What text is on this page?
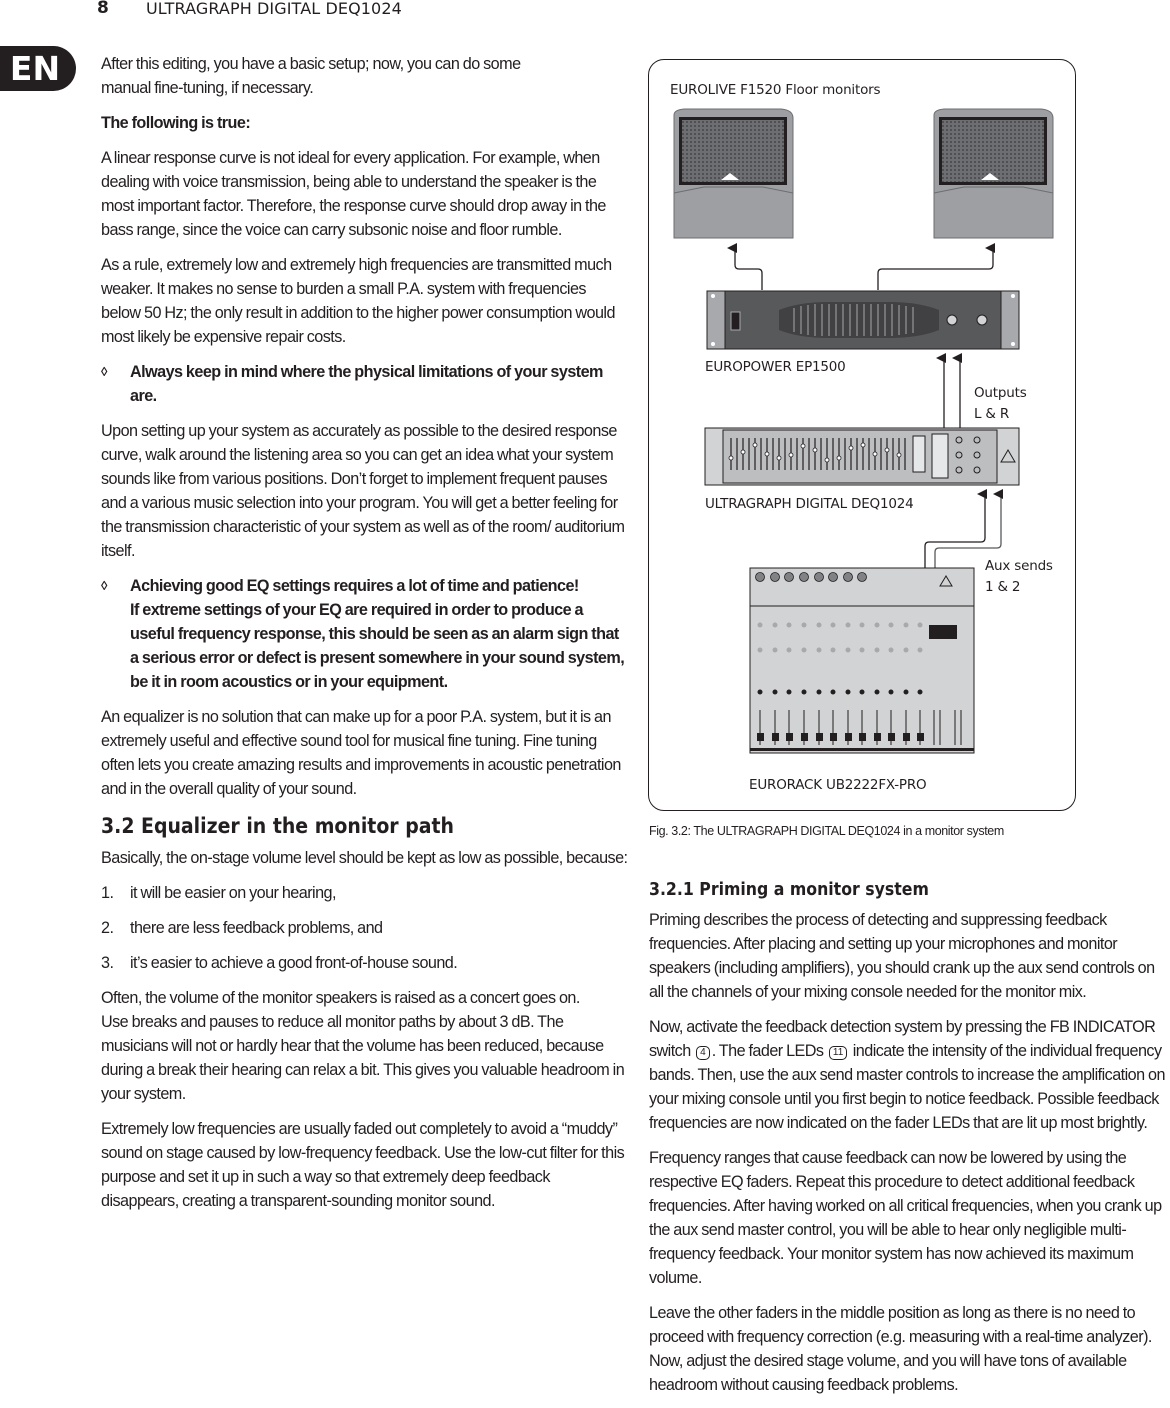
8 ULTRAGRAPH DIGITAL DEQ1024
EN	After this editing, you have a basic setup; now, you can do some manual fine-tuning, if necessary.

The following is true:

A linear response curve is not ideal for every application. For example, when dealing with voice transmission, being able to understand the speaker is the most important factor. Therefore, the response curve should drop away in the bass range, since the voice can carry subsonic noise and floor rumble.

As a rule, extremely low and extremely high frequencies are transmitted much weaker. It makes no sense to burden a small P.A. system with frequencies below 50 Hz; the only result in addition to the higher power consumption would most likely be expensive repair costs.

◊	Always keep in mind where the physical limitations of your system are.

Upon setting up your system as accurately as possible to the desired response curve, walk around the listening area so you can get an idea what your system sounds like from various positions. Don’t forget to implement frequent pauses and a various music selection into your program. You will get a better feeling for the transmission characteristic of your system as well as of the room/ auditorium itself.

◊	Achieving good EQ settings requires a lot of time and patience!
If extreme settings of your EQ are required in order to produce a useful frequency response, this should be seen as an alarm sign that a serious error or defect is present somewhere in your sound system, be it in room acoustics or in your equipment.

An equalizer is no solution that can make up for a poor P.A. system, but it is an extremely useful and effective sound tool for musical fine tuning. Fine tuning often lets you create amazing results and improvements in acoustic penetration and in the overall quality of your sound.

3.2 Equalizer in the monitor path

Basically, the on-stage volume level should be kept as low as possible, because:

1.	it will be easier on your hearing,
2.	there are less feedback problems, and
3.	it’s easier to achieve a good front-of-house sound.

Often, the volume of the monitor speakers is raised as a concert goes on.
Use breaks and pauses to reduce all monitor paths by about 3 dB. The musicians will not or hardly hear that the volume has been reduced, because during a break their hearing can relax a bit. This gives you valuable headroom in your system.

Extremely low frequencies are usually faded out completely to avoid a “muddy” sound on stage caused by low-frequency feedback. Use the low-cut filter for this purpose and set it up in such a way so that extremely deep feedback disappears, creating a transparent-sounding monitor sound.

EUROLIVE F1520 Floor monitors
EUROPOWER EP1500
Outputs
L & R
ULTRAGRAPH DIGITAL DEQ1024
Aux sends
1 & 2
EURORACK UB2222FX-PRO
Fig. 3.2: The ULTRAGRAPH DIGITAL DEQ1024 in a monitor system
3.2.1 Priming a monitor system

Priming describes the process of detecting and suppressing feedback frequencies. After placing and setting up your microphones and monitor speakers (including amplifiers), you should crank up the aux send controls on all the channels of your mixing console needed for the monitor mix.

Now, activate the feedback detection system by pressing the FB INDICATOR switch 4 . The fader LEDs 11 indicate the intensity of the individual frequency bands. Then, use the aux send master controls to increase the amplification on your mixing console until you first begin to notice feedback. Possible feedback frequencies are now indicated on the fader LEDs that are lit up most brightly.

Frequency ranges that cause feedback can now be lowered by using the respective EQ faders. Repeat this procedure to detect additional feedback frequencies. After having worked on all critical frequencies, when you crank up the aux send master control, you will be able to hear only negligible multi-frequency feedback. Your monitor system has now achieved its maximum volume.

Leave the other faders in the middle position as long as there is no need to proceed with frequency correction (e.g. measuring with a real-time analyzer). Now, adjust the desired stage volume, and you will have tons of available headroom without causing feedback problems.
